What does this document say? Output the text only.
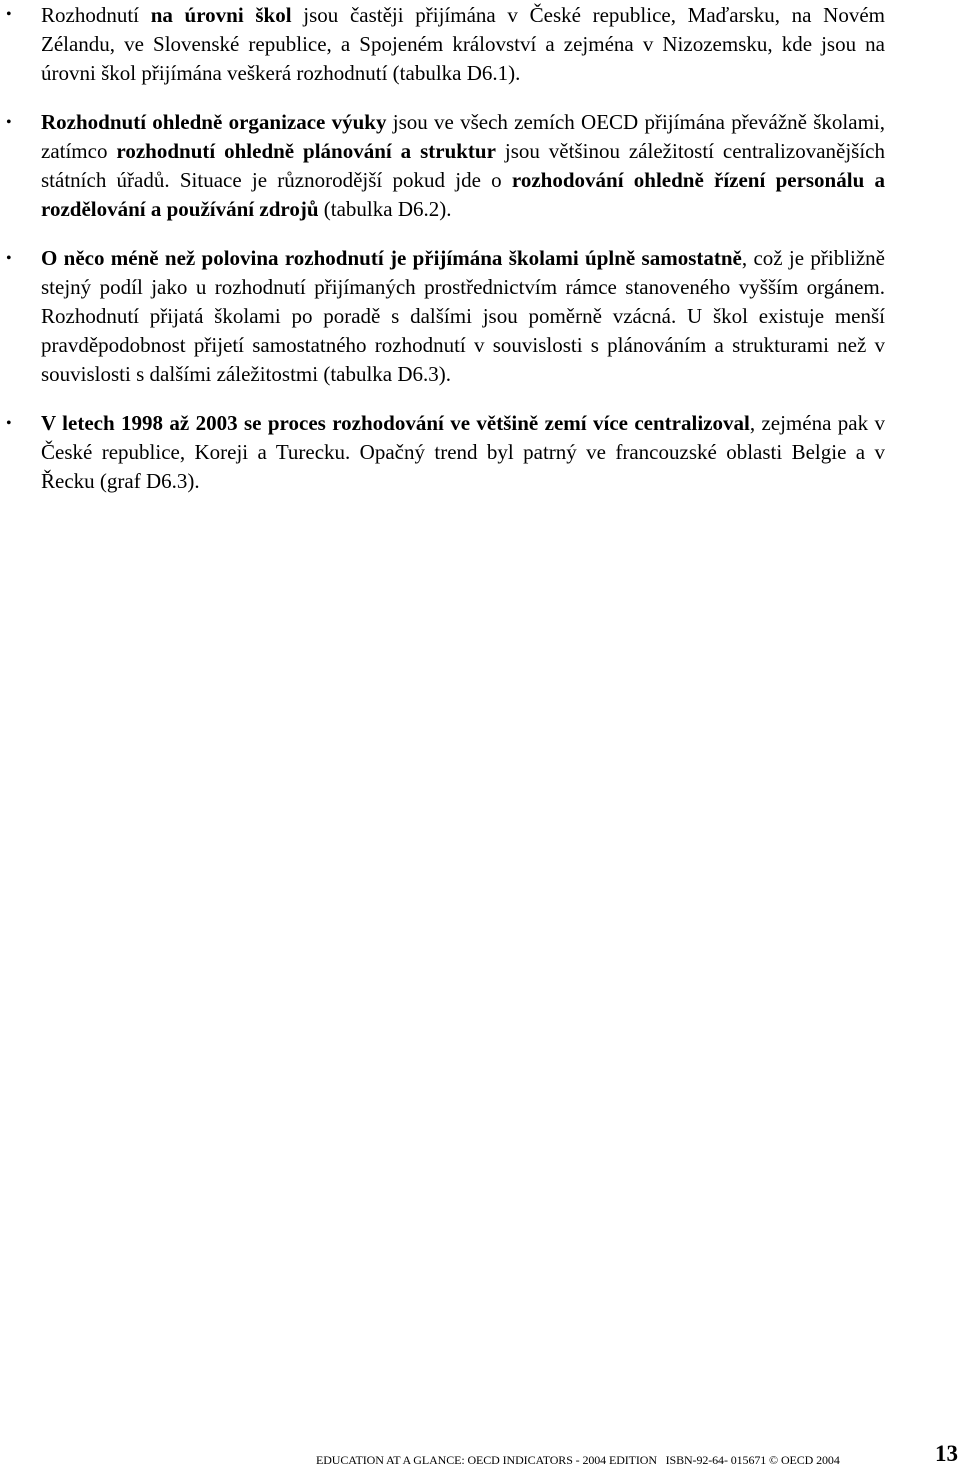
• Rozhodnutí na úrovni škol jsou častěji přijímána v České republice, Maďarsku, na Novém Zélandu, ve Slovenské republice, a Spojeném království a zejména v Nizozemsku, kde jsou na úrovni škol přijímána veškerá rozhodnutí (tabulka D6.1).
• Rozhodnutí ohledně organizace výuky jsou ve všech zemích OECD přijímána převážně školami, zatímco rozhodnutí ohledně plánování a struktur jsou většinou záležitostí centralizovanějších státních úřadů. Situace je různorodější pokud jde o rozhodování ohledně řízení personálu a rozdělování a používání zdrojů (tabulka D6.2).
• O něco méně než polovina rozhodnutí je přijímána školami úplně samostatně, což je přibližně stejný podíl jako u rozhodnutí přijímaných prostřednictvím rámce stanoveného vyšším orgánem. Rozhodnutí přijatá školami po poradě s dalšími jsou poměrně vzácná. U škol existuje menší pravděpodobnost přijetí samostatného rozhodnutí v souvislosti s plánováním a strukturami než v souvislosti s dalšími záležitostmi (tabulka D6.3).
• V letech 1998 až 2003 se proces rozhodování ve většině zemí více centralizoval, zejména pak v České republice, Koreji a Turecku. Opačný trend byl patrný ve francouzské oblasti Belgie a v Řecku (graf D6.3).
EDUCATION AT A GLANCE: OECD INDICATORS - 2004 EDITION   ISBN-92-64- 015671 © OECD 2004	13
